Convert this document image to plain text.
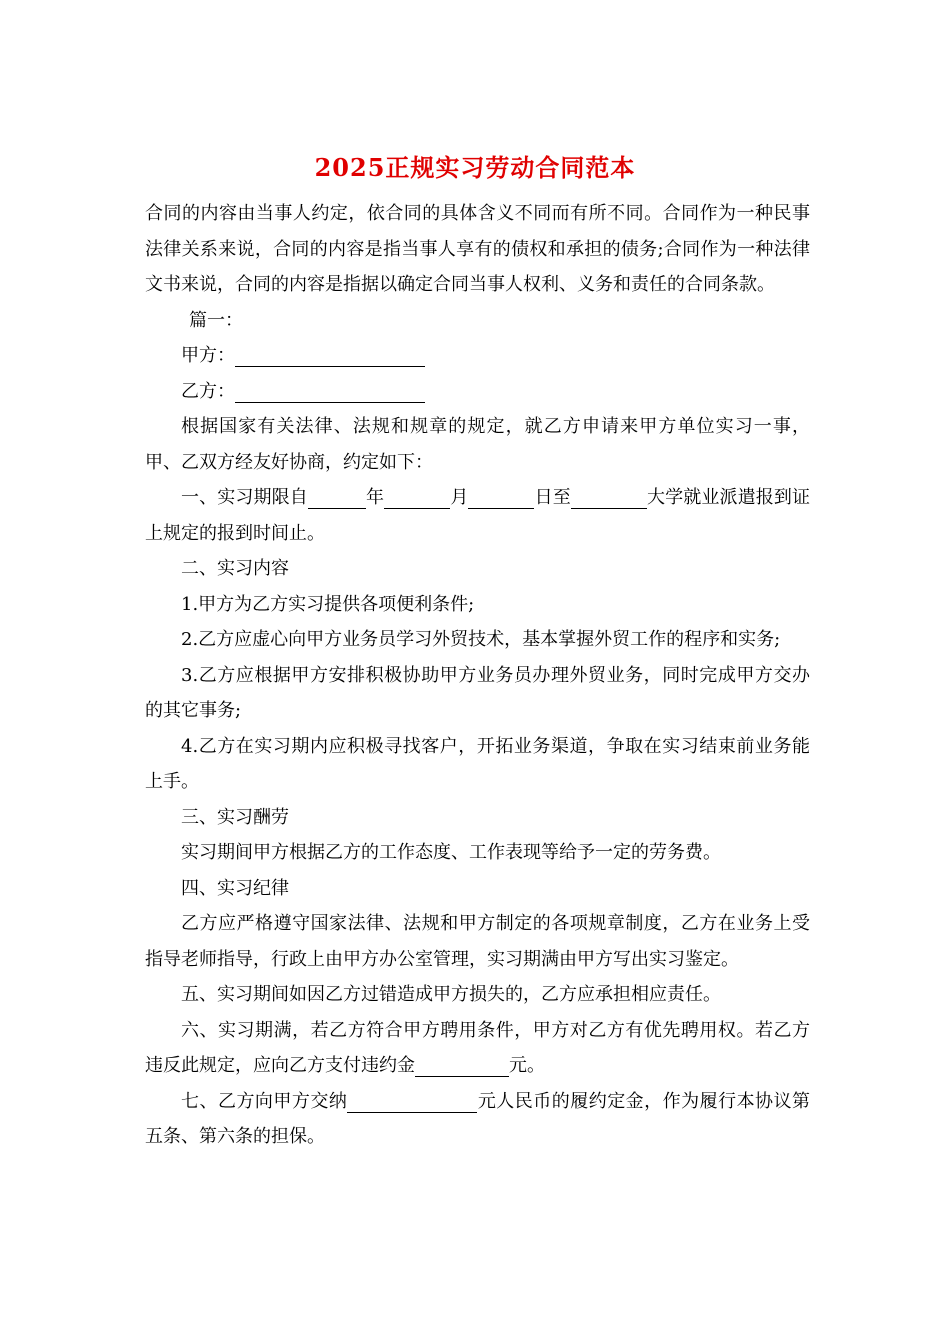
2025正规实习劳动合同范本

合同的内容由当事人约定，依合同的具体含义不同而有所不同。合同作为一种民事法律关系来说，合同的内容是指当事人享有的债权和承担的债务;合同作为一种法律文书来说，合同的内容是指据以确定合同当事人权利、义务和责任的合同条款。

篇一：

甲方：

乙方：

根据国家有关法律、法规和规章的规定，就乙方申请来甲方单位实习一事，甲、乙双方经友好协商，约定如下：

一、实习期限自	年	月	日至	大学就业派遣报到证上规定的报到时间止。

二、实习内容

1.甲方为乙方实习提供各项便利条件;

2.乙方应虚心向甲方业务员学习外贸技术，基本掌握外贸工作的程序和实务;

3.乙方应根据甲方安排积极协助甲方业务员办理外贸业务，同时完成甲方交办的其它事务;

4.乙方在实习期内应积极寻找客户，开拓业务渠道，争取在实习结束前业务能上手。

三、实习酬劳

实习期间甲方根据乙方的工作态度、工作表现等给予一定的劳务费。

四、实习纪律

乙方应严格遵守国家法律、法规和甲方制定的各项规章制度，乙方在业务上受指导老师指导，行政上由甲方办公室管理，实习期满由甲方写出实习鉴定。

五、实习期间如因乙方过错造成甲方损失的，乙方应承担相应责任。

六、实习期满，若乙方符合甲方聘用条件，甲方对乙方有优先聘用权。若乙方违反此规定，应向乙方支付违约金	元。

七、乙方向甲方交纳	元人民币的履约定金，作为履行本协议第五条、第六条的担保。
